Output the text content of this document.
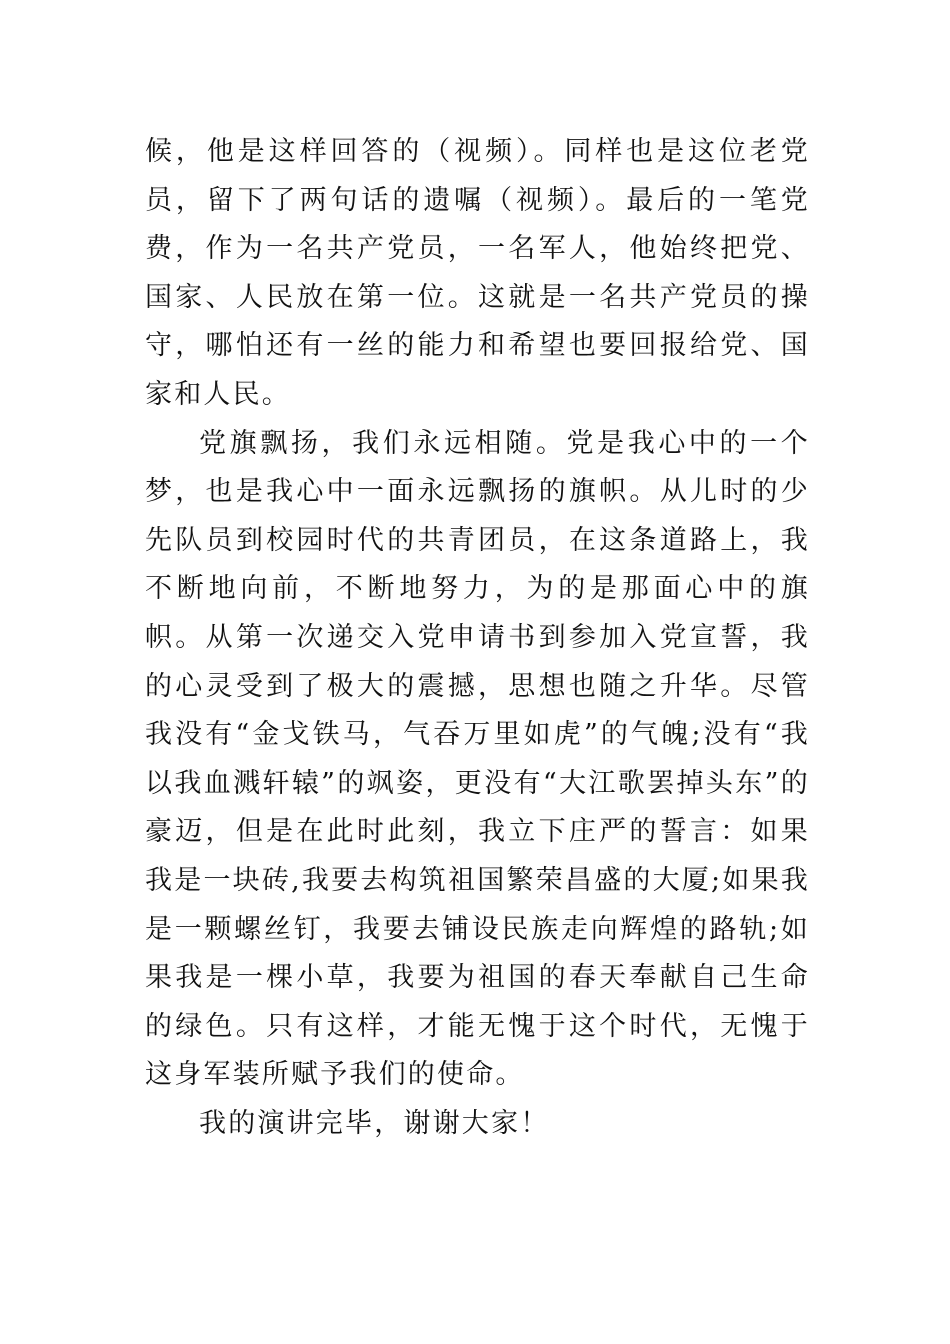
候，他是这样回答的（视频）。同样也是这位老党员，留下了两句话的遗嘱（视频）。最后的一笔党费，作为一名共产党员，一名军人，他始终把党、国家、人民放在第一位。这就是一名共产党员的操守，哪怕还有一丝的能力和希望也要回报给党、国家和人民。

党旗飘扬，我们永远相随。党是我心中的一个梦，也是我心中一面永远飘扬的旗帜。从儿时的少先队员到校园时代的共青团员，在这条道路上，我不断地向前，不断地努力，为的是那面心中的旗帜。从第一次递交入党申请书到参加入党宣誓，我的心灵受到了极大的震撼，思想也随之升华。尽管我没有“金戈铁马，气吞万里如虎”的气魄;没有“我以我血溅轩辕”的飒姿，更没有“大江歌罢掉头东”的豪迈，但是在此时此刻，我立下庄严的誓言：如果我是一块砖,我要去构筑祖国繁荣昌盛的大厦;如果我是一颗螺丝钉，我要去铺设民族走向辉煌的路轨;如果我是一棵小草，我要为祖国的春天奉献自己生命的绿色。只有这样，才能无愧于这个时代，无愧于这身军装所赋予我们的使命。

我的演讲完毕，谢谢大家！
